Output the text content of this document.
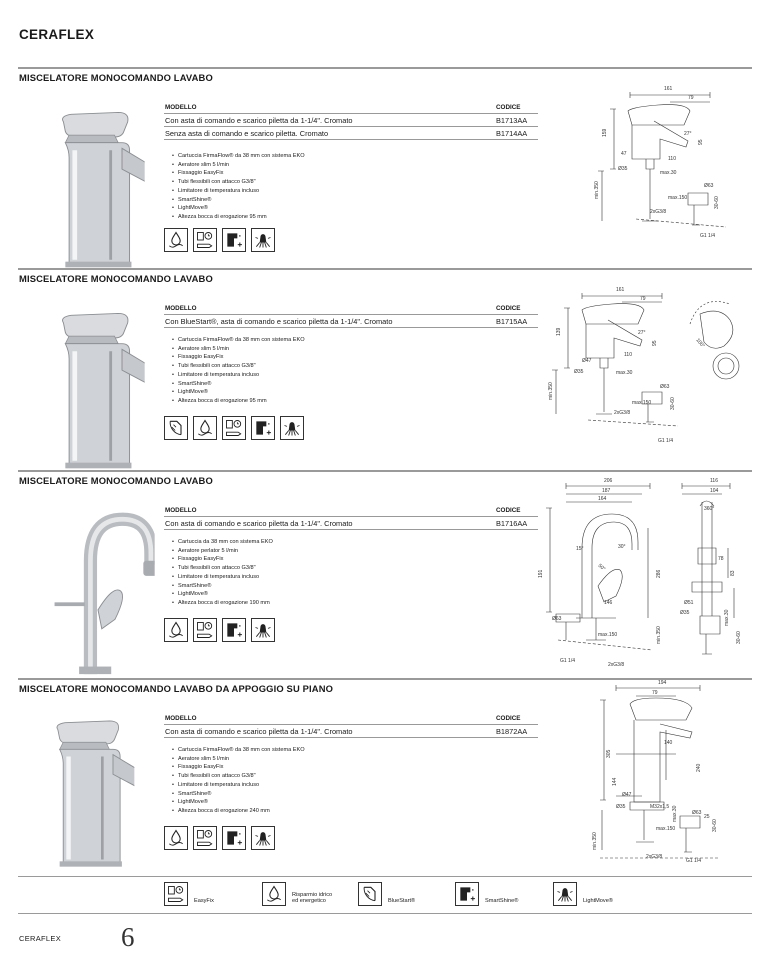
CERAFLEX
MISCELATORE MONOCOMANDO LAVABO
MODELLO	CODICE
Con asta di comando e scarico piletta da 1-1/4". Cromato	B1713AA
Senza asta di comando e scarico piletta. Cromato	B1714AA
• Cartuccia FirmaFlow® da 38 mm con sistema EKO
• Aeratore slim 5 l/min
• Fissaggio EasyFix
• Tubi flessibili con attacco G3/8"
• Limitatore di temperatura incluso
• SmartShine®
• LightMove®
• Altezza bocca di erogazione 95 mm
161
79
159	27°
95
47
110
Ø35
max.30
min.350	Ø63
max.150
2xG3/8
G1 1/4
30-60
MISCELATORE MONOCOMANDO LAVABO
MODELLO	CODICE
Con BlueStart®, asta di comando e scarico piletta da 1-1/4". Cromato	B1715AA
• Cartuccia FirmaFlow® da 38 mm con sistema EKO
• Aeratore slim 5 l/min
• Fissaggio EasyFix
• Tubi flessibili con attacco G3/8"
• Limitatore di temperatura incluso
• SmartShine®
• LightMove®
• Altezza bocca di erogazione 95 mm
161
79
139	27°
95
Ø47
110
Ø35	max.30
min.350	Ø63
max.150
2xG3/8
G1 1/4
30-60
100°
MISCELATORE MONOCOMANDO LAVABO
MODELLO	CODICE
Con asta di comando e scarico piletta da 1-1/4". Cromato	B1716AA
• Cartuccia da 38 mm con sistema EKO
• Aeratore perlator 5 l/min
• Fissaggio EasyFix
• Tubi flessibili con attacco G3/8"
• Limitatore di temperatura incluso
• SmartShine®
• LightMove®
• Altezza bocca di erogazione 190 mm
206
187
164
191
30°
50°
15°
286
146
Ø63
max.150	min.350
G1 1/4
2xG3/8
116
104
360°
78
83
Ø51
Ø35	max.30
30-60
MISCELATORE MONOCOMANDO LAVABO DA APPOGGIO SU PIANO
MODELLO	CODICE
Con asta di comando e scarico piletta da 1-1/4". Cromato	B1872AA
• Cartuccia FirmaFlow® da 38 mm con sistema EKO
• Aeratore slim 5 l/min
• Fissaggio EasyFix
• Tubi flessibili con attacco G3/8"
• Limitatore di temperatura incluso
• SmartShine®
• LightMove®
• Altezza bocca di erogazione 240 mm
194
79
305
140
240
144
Ø47
Ø35	M32x1,5 max.30	Ø63
max.150
min.350
2xG3/8
G1 1/4
30-60
25
EasyFix
Risparmio idrico
ed energetico	BlueStart®	SmartShine®	LightMove®
CERAFLEX 6
